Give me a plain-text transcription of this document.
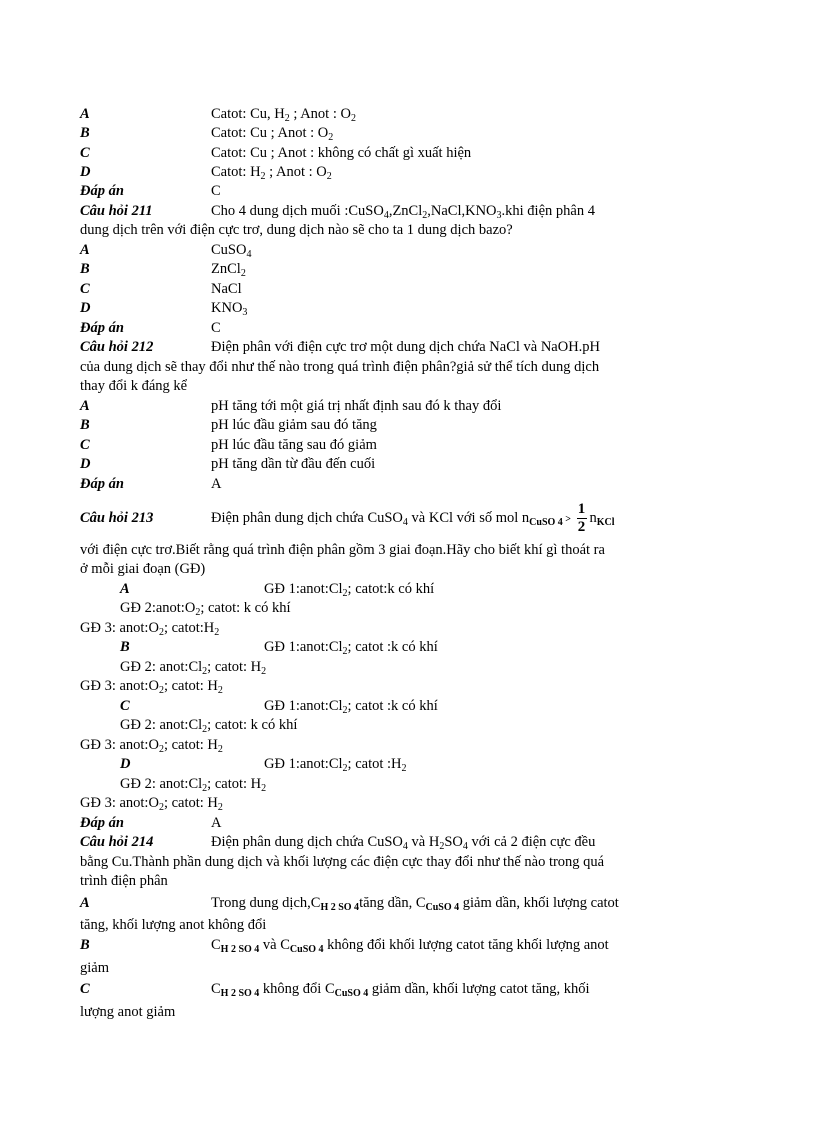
A	Catot: Cu, $H_2$ ; Anot : $O_2$
B	Catot: Cu ; Anot : $O_2$
C	Catot: Cu ; Anot : không có chất gì xuất hiện
D	Catot: $H_2$ ; Anot : $O_2$
Đáp án	C
Câu hỏi 211	Cho 4 dung dịch muối $:CuSO_4,ZnCl_2,NaCl,KNO_3.khi$ điện phân 4
dung dịch trên với điện cực trơ, dung dịch nào sẽ cho ta 1 dung dịch bazo?
A	CuSO$_4$
B	ZnCl$_2$
C	NaCl
D	$KNO_3$
Đáp án	C
Câu hỏi 212	Điện phân với điện cực trơ một dung dịch chứa NaCl và NaOH.pH
của dung dịch sẽ thay đổi như thế nào trong quá trình điện phân?giả sử thể tích dung dịch
thay đổi k đáng kể
A	pH tăng tới một giá trị nhất định sau đó k thay đổi
B	pH lúc đầu giảm sau đó tăng
C	pH lúc đầu tăng sau đó giảm
D	pH tăng dần từ đầu đến cuối
Đáp án	A
Câu hỏi 213	Điện phân dung dịch chứa CuSO$_4$ và KCl với số mol $n_{CuSO 4} > \frac{1}{2} n_{KCl}$
với điện cực trơ.Biết rằng quá trình điện phân gồm 3 giai đoạn.Hãy cho biết khí gì thoát ra
ở mỗi giai đoạn (GĐ)
A	GĐ $1:anot:Cl_2$; catot:k có khí
GĐ $2:anot:O_2$; catot: k có khí
GĐ 3: $anot:O_2$; $catot:H_2$
B	GĐ $1:anot:Cl_2$; catot :k có khí
GĐ 2: $anot:Cl_2$; catot: $H_2$
GĐ 3: $anot:O_2$; catot: $H_2$
C	GĐ $1:anot:Cl_2$; catot :k có khí
GĐ 2: $anot:Cl_2$; catot: k có khí
GĐ 3: $anot:O_2$; catot: $H_2$
D	GĐ $1:anot:Cl_2$; catot $:H_2$
GĐ 2: $anot:Cl_2$; catot: $H_2$
GĐ 3: $anot:O_2$; catot: $H_2$
Đáp án	A
Câu hỏi 214	Điện phân dung dịch chứa CuSO$_4$ và $H_2SO_4$ với cả 2 điện cực đều
bằng Cu.Thành phần dung dịch và khối lượng các điện cực thay đổi như thế nào trong quá
trình điện phân
A	Trong dung $dịch,C_{H 2 SO 4}tăng$ dần, $C_{CuSO 4}$ giảm dần, khối lượng catot
tăng, khối lượng anot không đổi
B	$C_{H 2 SO 4}$ và $C_{CuSO 4}$ không đổi khối lượng catot tăng khối lượng anot
giảm
C	$C_{H 2 SO 4}$ không đổi $C_{CuSO 4}$ giảm dần, khối lượng catot tăng, khối
lượng anot giảm
